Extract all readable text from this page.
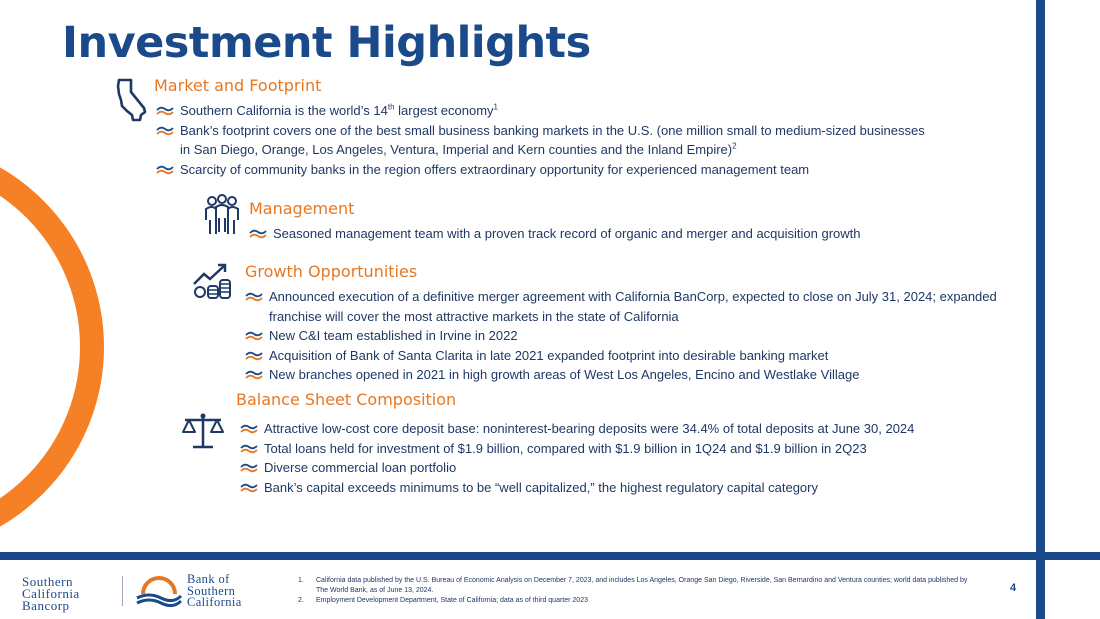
Investment Highlights
Market and Footprint
Southern California is the world’s 14th largest economy$^1$
Bank’s footprint covers one of the best small business banking markets in the U.S. (one million small to medium-sized businesses in San Diego, Orange, Los Angeles, Ventura, Imperial and Kern counties and the Inland Empire)$^2$
Scarcity of community banks in the region offers extraordinary opportunity for experienced management team
Management
Seasoned management team with a proven track record of organic and merger and acquisition growth
Growth Opportunities
Announced execution of a definitive merger agreement with California BanCorp, expected to close on July 31, 2024; expanded franchise will cover the most attractive markets in the state of California
New C&I team established in Irvine in 2022
Acquisition of Bank of Santa Clarita in late 2021 expanded footprint into desirable banking market
New branches opened in 2021 in high growth areas of West Los Angeles, Encino and Westlake Village
Balance Sheet Composition
Attractive low-cost core deposit base: noninterest-bearing deposits were 34.4% of total deposits at June 30, 2024
Total loans held for investment of $1.9 billion, compared with $1.9 billion in 1Q24 and $1.9 billion in 2Q23
Diverse commercial loan portfolio
Bank’s capital exceeds minimums to be “well capitalized,” the highest regulatory capital category
Southern
California
Bancorp
Bank of
Southern
California
1. California data published by the U.S. Bureau of Economic Analysis on December 7, 2023, and includes Los Angeles, Orange San Diego, Riverside, San Bernardino and Ventura counties; world data published by The World Bank, as of June 13, 2024.
2. Employment Development Department, State of California; data as of third quarter 2023
4
